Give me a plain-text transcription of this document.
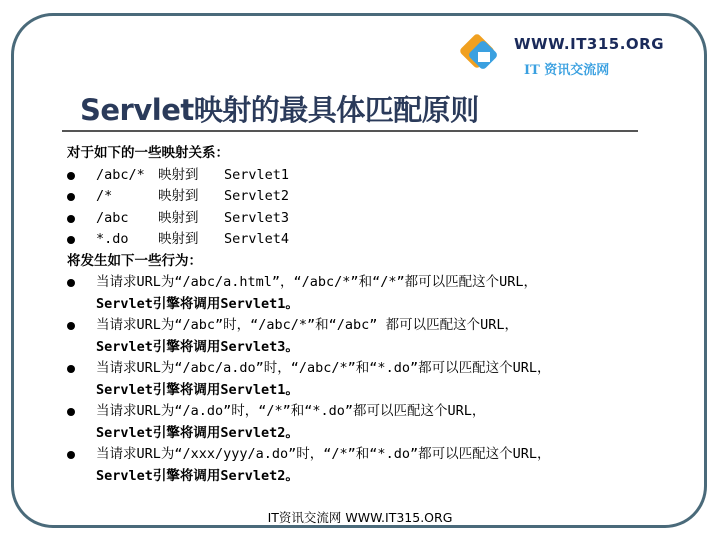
WWW.IT315.ORG
IT 资讯交流网
Servlet映射的最具体匹配原则
对于如下的一些映射关系：
/abc/* 映射到 Servlet1
/*	映射到 Servlet2
/abc 映射到 Servlet3
*.do 映射到 Servlet4
将发生如下一些行为：
当请求URL为“/abc/a.html”，“/abc/*”和“/*”都可以匹配这个URL，
Servlet引擎将调用Servlet1。
当请求URL为“/abc”时，“/abc/*”和“/abc” 都可以匹配这个URL，
Servlet引擎将调用Servlet3。
当请求URL为“/abc/a.do”时，“/abc/*”和“*.do”都可以匹配这个URL，
Servlet引擎将调用Servlet1。
当请求URL为“/a.do”时，“/*”和“*.do”都可以匹配这个URL，
Servlet引擎将调用Servlet2。
当请求URL为“/xxx/yyy/a.do”时，“/*”和“*.do”都可以匹配这个URL，
Servlet引擎将调用Servlet2。
IT资讯交流网 WWW.IT315.ORG
